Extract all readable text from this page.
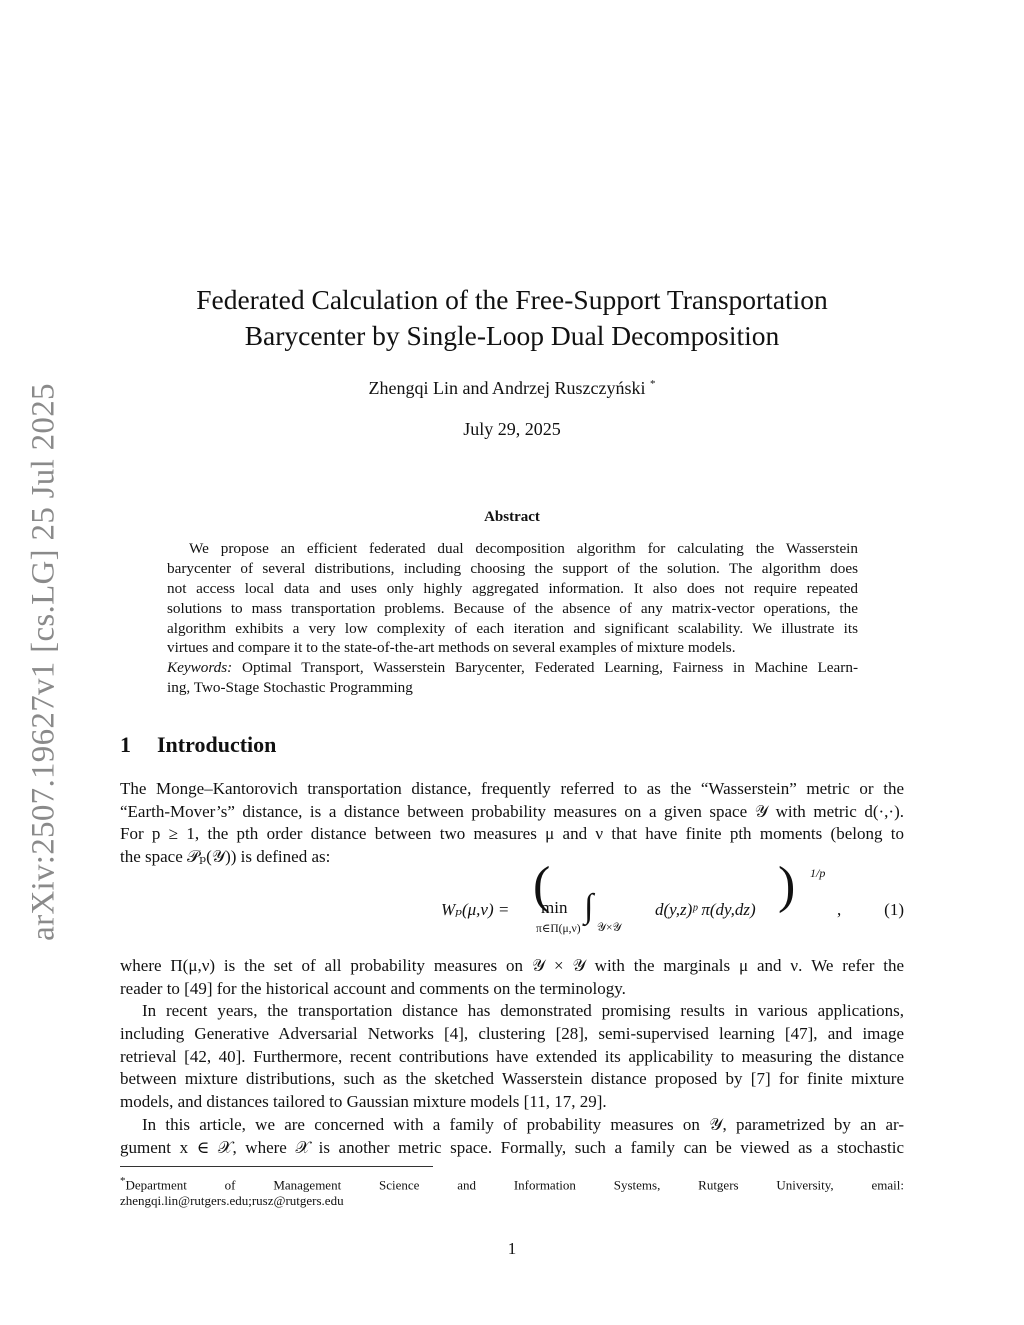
arXiv:2507.19627v1 [cs.LG] 25 Jul 2025
Federated Calculation of the Free-Support Transportation
Barycenter by Single-Loop Dual Decomposition
Zhengqi Lin and Andrzej Ruszczyński *
July 29, 2025
Abstract
We propose an efficient federated dual decomposition algorithm for calculating the Wasserstein
barycenter of several distributions, including choosing the support of the solution. The algorithm does
not access local data and uses only highly aggregated information. It also does not require repeated
solutions to mass transportation problems. Because of the absence of any matrix-vector operations, the
algorithm exhibits a very low complexity of each iteration and significant scalability. We illustrate its
virtues and compare it to the state-of-the-art methods on several examples of mixture models.
Keywords: Optimal Transport, Wasserstein Barycenter, Federated Learning, Fairness in Machine Learn-
ing, Two-Stage Stochastic Programming
1 Introduction
The Monge–Kantorovich transportation distance, frequently referred to as the “Wasserstein” metric or the
“Earth-Mover’s” distance, is a distance between probability measures on a given space 𝒴 with metric d(·,·).
For p ≥ 1, the pth order distance between two measures μ and ν that have finite pth moments (belong to
the space 𝒫ₚ(𝒴)) is defined as:
Wₚ(μ,ν) = (
min
π∈Π(μ,ν)
∫
𝒴×𝒴
d(y,z)ᵖ π(dy,dz)
1/p
,
)	(1)
where Π(μ,ν) is the set of all probability measures on 𝒴 × 𝒴 with the marginals μ and ν. We refer the
reader to [49] for the historical account and comments on the terminology.
In recent years, the transportation distance has demonstrated promising results in various applications,
including Generative Adversarial Networks [4], clustering [28], semi-supervised learning [47], and image
retrieval [42, 40]. Furthermore, recent contributions have extended its applicability to measuring the distance
between mixture distributions, such as the sketched Wasserstein distance proposed by [7] for finite mixture
models, and distances tailored to Gaussian mixture models [11, 17, 29].
In this article, we are concerned with a family of probability measures on 𝒴, parametrized by an ar-
gument x ∈ 𝒳, where 𝒳 is another metric space. Formally, such a family can be viewed as a stochastic
*Department of Management Science and Information Systems, Rutgers University, email:
zhengqi.lin@rutgers.edu;rusz@rutgers.edu
1
